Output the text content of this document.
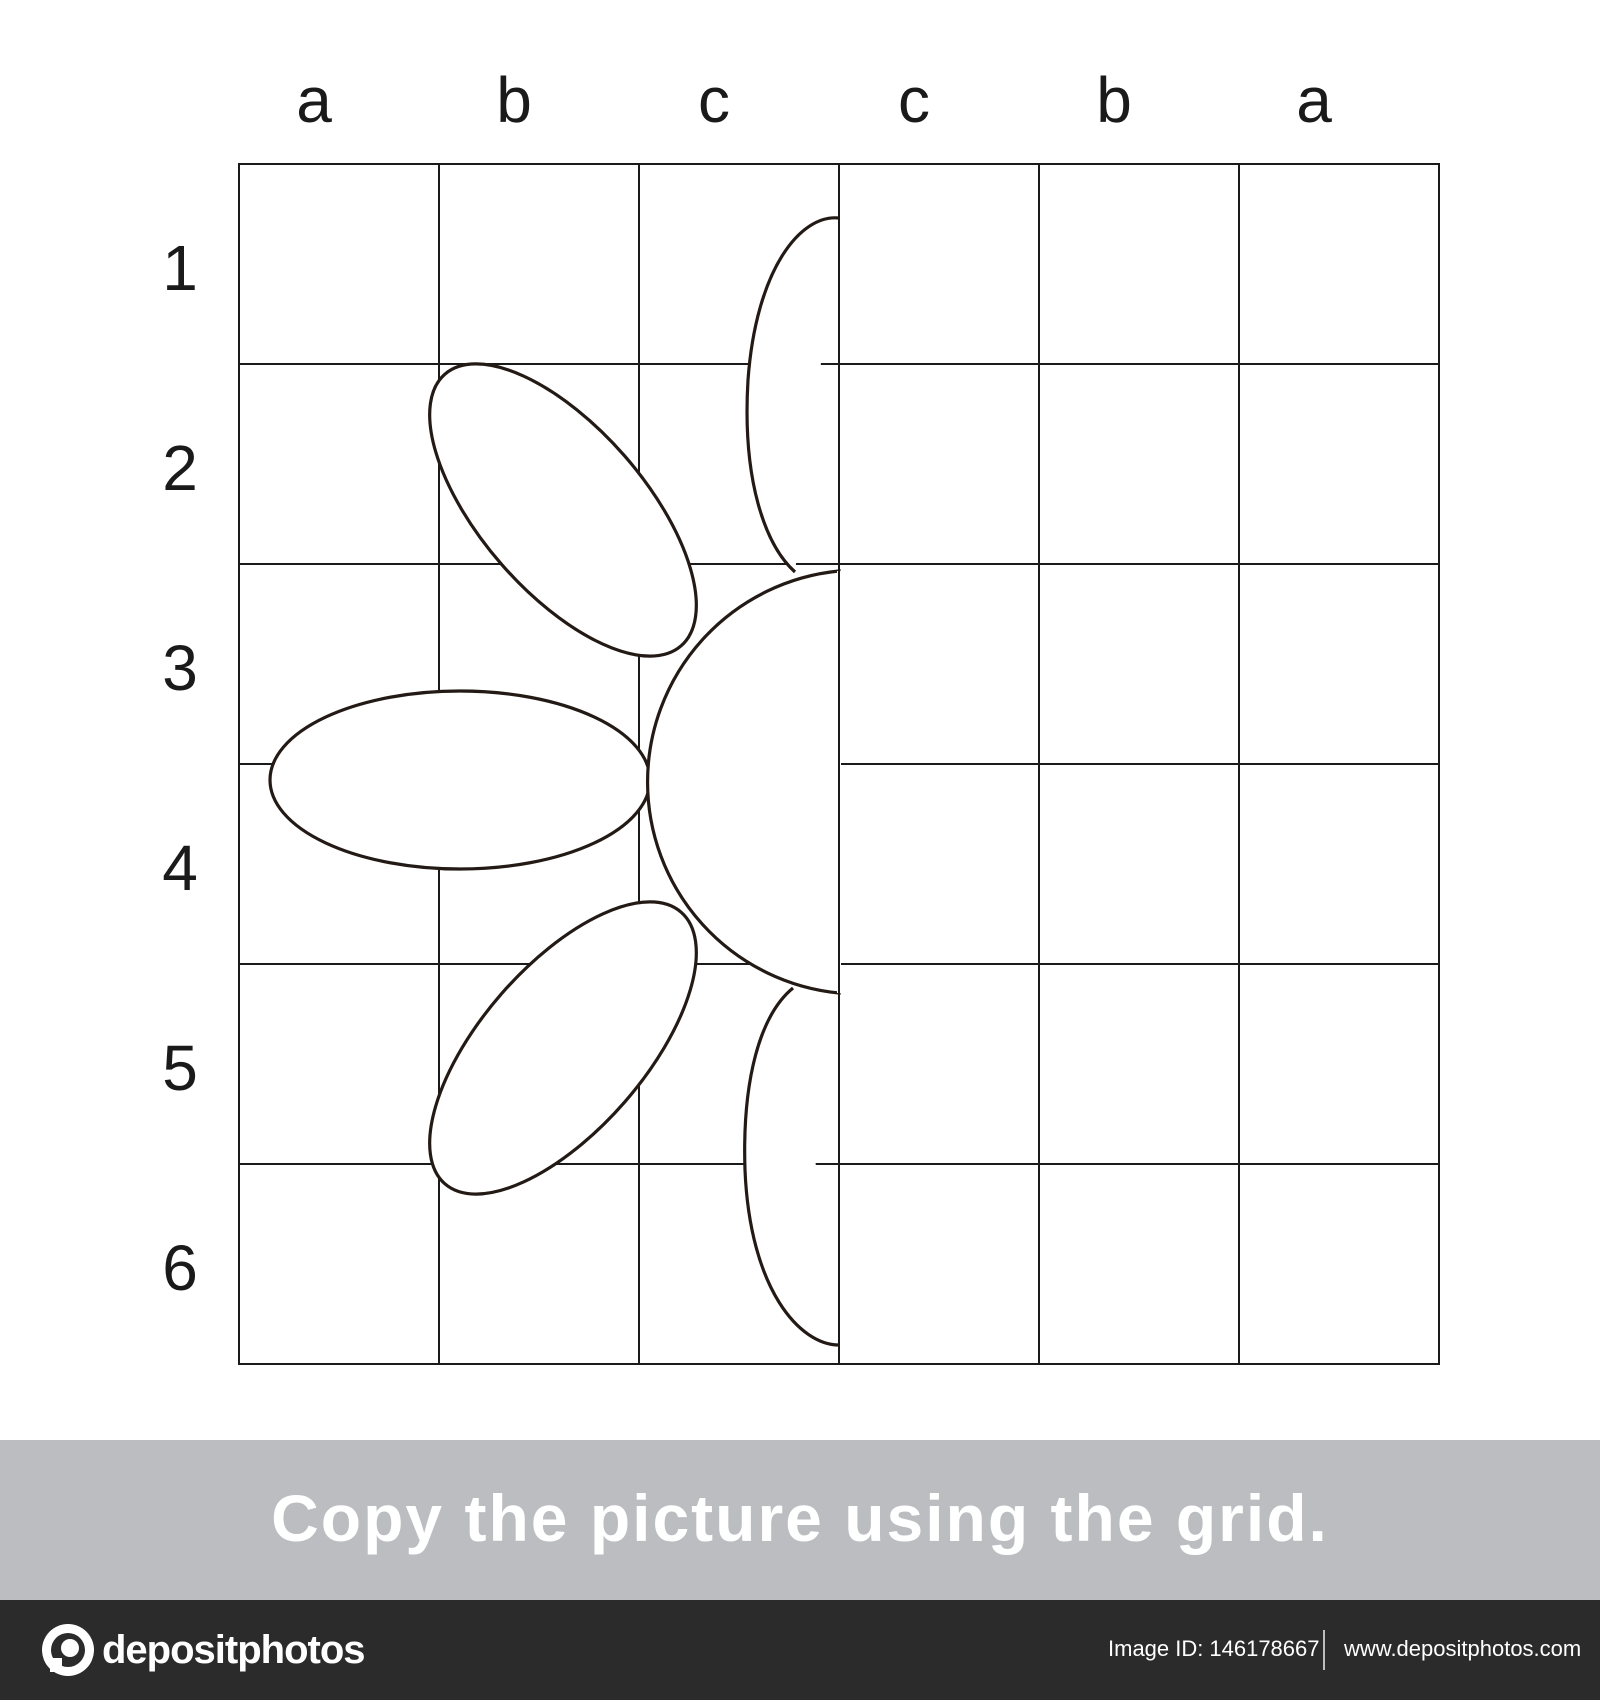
a	b	c	c	b	a
1
2
3
4
5
6
Copy the picture using the grid.
depositphotos	Image ID: 146178667 www.depositphotos.com
